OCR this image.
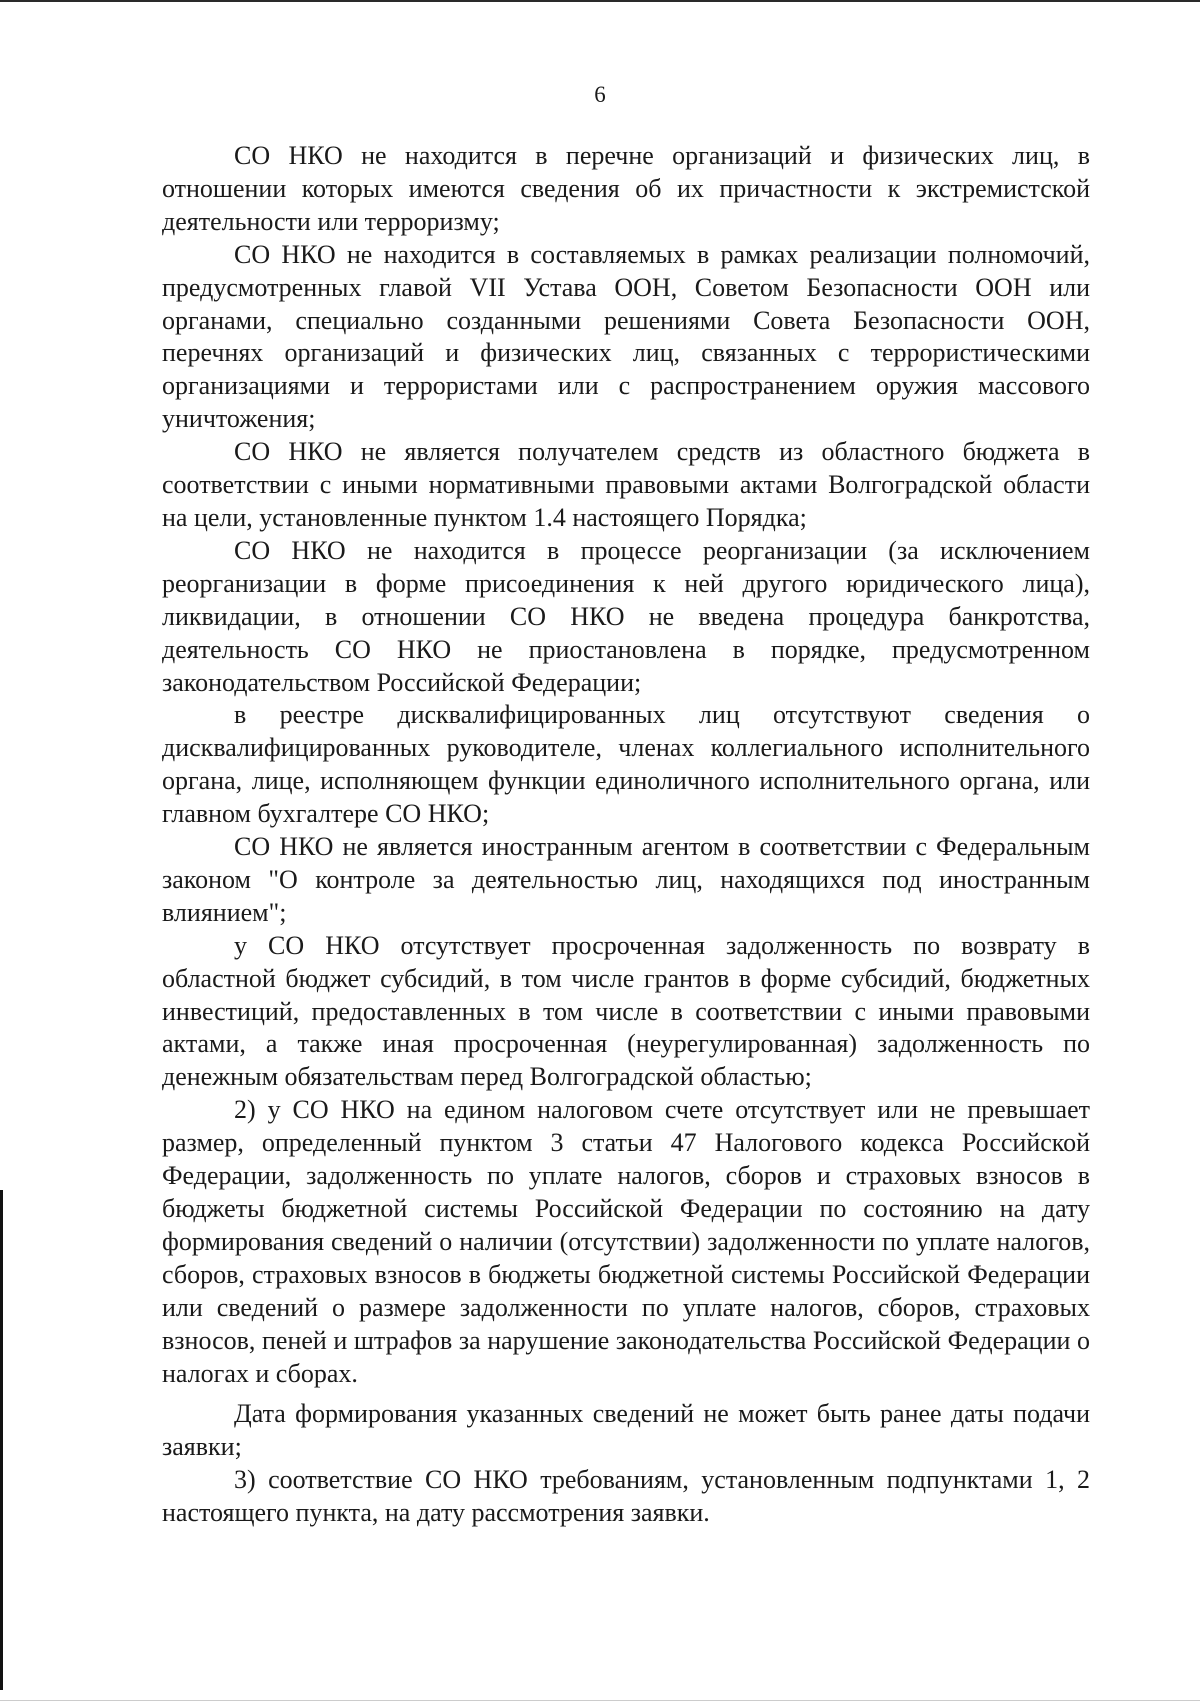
6

СО НКО не находится в перечне организаций и физических лиц, в отношении которых имеются сведения об их причастности к экстремистской деятельности или терроризму;

СО НКО не находится в составляемых в рамках реализации полномочий, предусмотренных главой VII Устава ООН, Советом Безопасности ООН или органами, специально созданными решениями Совета Безопасности ООН, перечнях организаций и физических лиц, связанных с террористическими организациями и террористами или с распространением оружия массового уничтожения;

СО НКО не является получателем средств из областного бюджета в соответствии с иными нормативными правовыми актами Волгоградской области на цели, установленные пунктом 1.4 настоящего Порядка;

СО НКО не находится в процессе реорганизации (за исключением реорганизации в форме присоединения к ней другого юридического лица), ликвидации, в отношении СО НКО не введена процедура банкротства, деятельность СО НКО не приостановлена в порядке, предусмотренном законодательством Российской Федерации;

в реестре дисквалифицированных лиц отсутствуют сведения о дисквалифицированных руководителе, членах коллегиального исполнительного органа, лице, исполняющем функции единоличного исполнительного органа, или главном бухгалтере СО НКО;

СО НКО не является иностранным агентом в соответствии с Федеральным законом "О контроле за деятельностью лиц, находящихся под иностранным влиянием";

у СО НКО отсутствует просроченная задолженность по возврату в областной бюджет субсидий, в том числе грантов в форме субсидий, бюджетных инвестиций, предоставленных в том числе в соответствии с иными правовыми актами, а также иная просроченная (неурегулированная) задолженность по денежным обязательствам перед Волгоградской областью;

2) у СО НКО на едином налоговом счете отсутствует или не превышает размер, определенный пунктом 3 статьи 47 Налогового кодекса Российской Федерации, задолженность по уплате налогов, сборов и страховых взносов в бюджеты бюджетной системы Российской Федерации по состоянию на дату формирования сведений о наличии (отсутствии) задолженности по уплате налогов, сборов, страховых взносов в бюджеты бюджетной системы Российской Федерации или сведений о размере задолженности по уплате налогов, сборов, страховых взносов, пеней и штрафов за нарушение законодательства Российской Федерации о налогах и сборах.

Дата формирования указанных сведений не может быть ранее даты подачи заявки;

3) соответствие СО НКО требованиям, установленным подпунктами 1, 2 настоящего пункта, на дату рассмотрения заявки.
